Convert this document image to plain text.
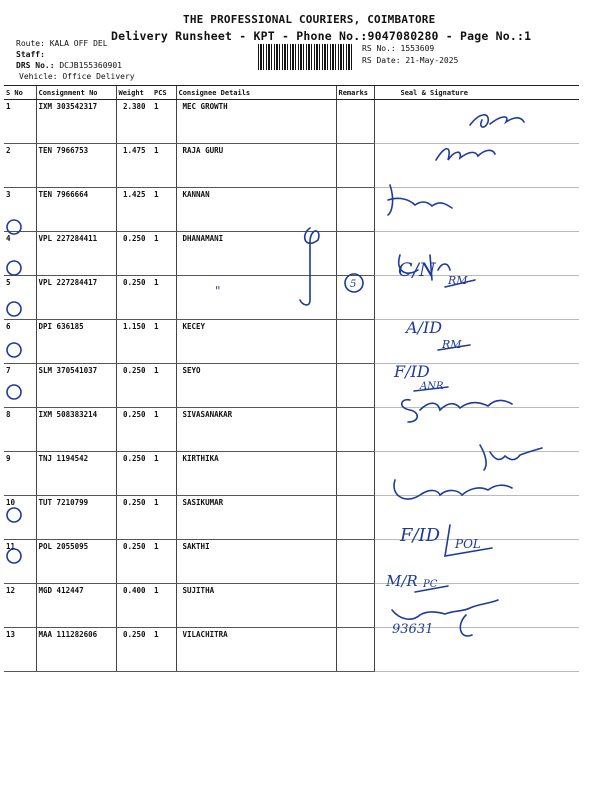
THE PROFESSIONAL COURIERS, COIMBATORE
Delivery Runsheet - KPT - Phone No.:9047080280 - Page No.:1
Route: KALA OFF DEL
Staff:
DRS No.: DCJB155360901
Vehicle: Office Delivery
RS No.: 1553609
RS Date: 21-May-2025
S No	Consignment No	Weight	PCS	Consignee Details	Remarks	Seal & Signature
1	IXM 303542317	2.380	1	MEC GROWTH		
2	TEN 7966753	1.475	1	RAJA GURU		
3	TEN 7966664	1.425	1	KANNAN		
4	VPL 227284411	0.250	1	DHANAMANI		
5	VPL 227284417	0.250	1			
6	DPI 636185	1.150	1	KECEY		
7	SLM 370541037	0.250	1	SEYO		
8	IXM 508383214	0.250	1	SIVASANAKAR		
9	TNJ 1194542	0.250	1	KIRTHIKA		
10	TUT 7210799	0.250	1	SASIKUMAR		
11	POL 2055095	0.250	1	SAKTHI		
12	MGD 412447	0.400	1	SUJITHA		
13	MAA 111282606	0.250	1	VILACHITRA		
"	5
C/N RM
A/ID
RM
F/ID
ANR
F/ID POL
M/R PC
93631
